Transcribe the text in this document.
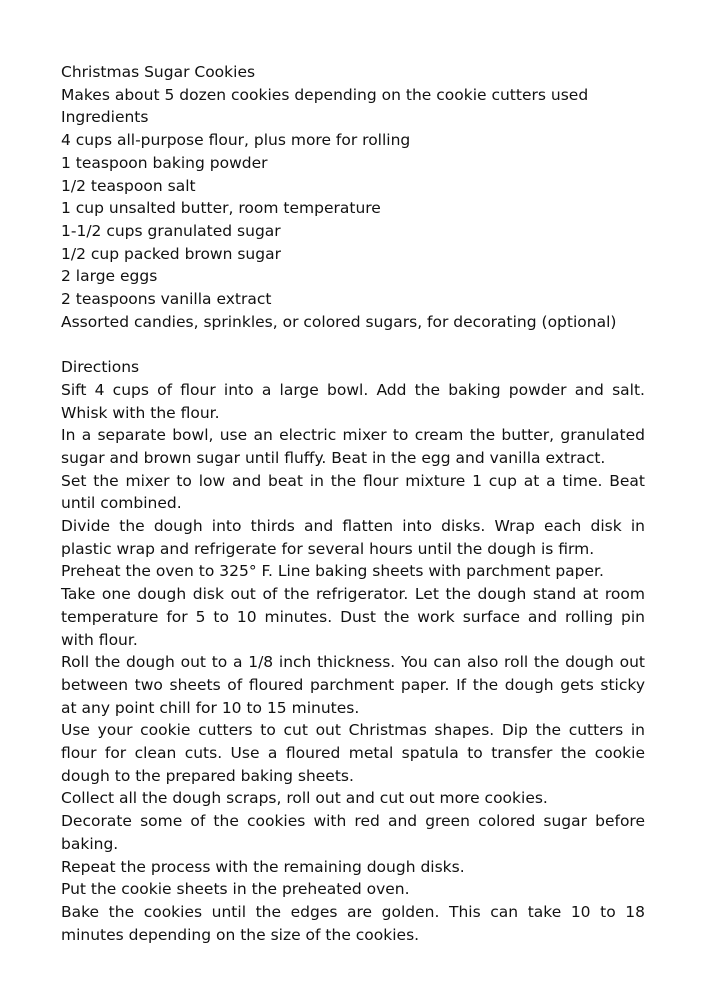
Christmas Sugar Cookies

Makes about 5 dozen cookies depending on the cookie cutters used

Ingredients

4 cups all-purpose flour, plus more for rolling

1 teaspoon baking powder

1/2 teaspoon salt

1 cup unsalted butter, room temperature

1-1/2 cups granulated sugar

1/2 cup packed brown sugar

2 large eggs

2 teaspoons vanilla extract

Assorted candies, sprinkles, or colored sugars, for decorating (optional)

Directions

Sift 4 cups of flour into a large bowl. Add the baking powder and salt. Whisk with the flour.

In a separate bowl, use an electric mixer to cream the butter, granulated sugar and brown sugar until fluffy. Beat in the egg and vanilla extract.

Set the mixer to low and beat in the flour mixture 1 cup at a time. Beat until combined.

Divide the dough into thirds and flatten into disks. Wrap each disk in plastic wrap and refrigerate for several hours until the dough is firm.

Preheat the oven to 325° F. Line baking sheets with parchment paper.

Take one dough disk out of the refrigerator. Let the dough stand at room temperature for 5 to 10 minutes. Dust the work surface and rolling pin with flour.

Roll the dough out to a 1/8 inch thickness. You can also roll the dough out between two sheets of floured parchment paper. If the dough gets sticky at any point chill for 10 to 15 minutes.

Use your cookie cutters to cut out Christmas shapes. Dip the cutters in flour for clean cuts. Use a floured metal spatula to transfer the cookie dough to the prepared baking sheets.

Collect all the dough scraps, roll out and cut out more cookies.

Decorate some of the cookies with red and green colored sugar before baking.

Repeat the process with the remaining dough disks.

Put the cookie sheets in the preheated oven.

Bake the cookies until the edges are golden. This can take 10 to 18 minutes depending on the size of the cookies.
